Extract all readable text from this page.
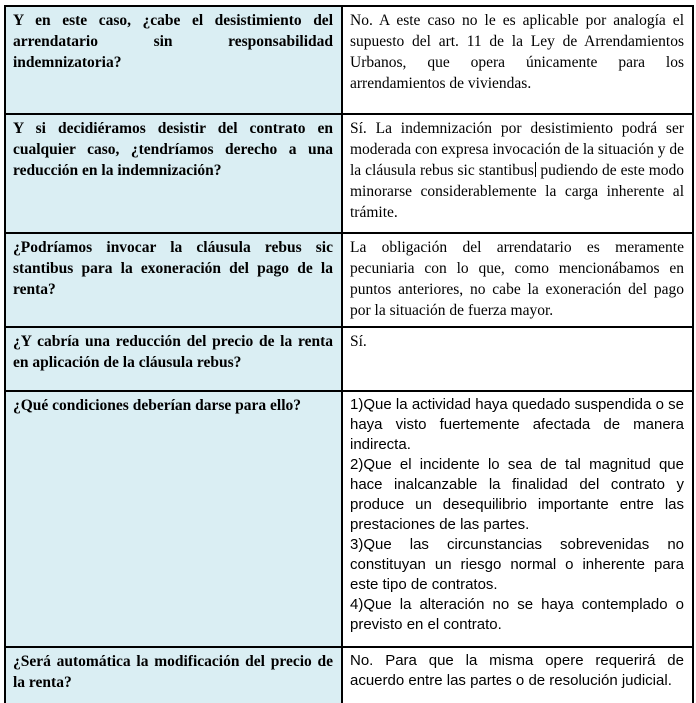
Y en este caso, ¿cabe el desistimiento del arrendatario sin responsabilidad indemnizatoria?	No. A este caso no le es aplicable por analogía el supuesto del art. 11 de la Ley de Arrendamientos Urbanos, que opera únicamente para los arrendamientos de viviendas.
Y si decidiéramos desistir del contrato en cualquier caso, ¿tendríamos derecho a una reducción en la indemnización?	Sí. La indemnización por desistimiento podrá ser moderada con expresa invocación de la situación y de la cláusula rebus sic stantibus pudiendo de este modo minorarse considerablemente la carga inherente al trámite.
¿Podríamos invocar la cláusula rebus sic stantibus para la exoneración del pago de la renta?	La obligación del arrendatario es meramente pecuniaria con lo que, como mencionábamos en puntos anteriores, no cabe la exoneración del pago por la situación de fuerza mayor.
¿Y cabría una reducción del precio de la renta en aplicación de la cláusula rebus?	Sí.
¿Qué condiciones deberían darse para ello?	1)Que la actividad haya quedado suspendida o se haya visto fuertemente afectada de manera indirecta.
2)Que el incidente lo sea de tal magnitud que hace inalcanzable la finalidad del contrato y produce un desequilibrio importante entre las prestaciones de las partes.
3)Que las circunstancias sobrevenidas no constituyan un riesgo normal o inherente para este tipo de contratos.
4)Que la alteración no se haya contemplado o previsto en el contrato.

¿Será automática la modificación del precio de la renta?	No. Para que la misma opere requerirá de acuerdo entre las partes o de resolución judicial.
